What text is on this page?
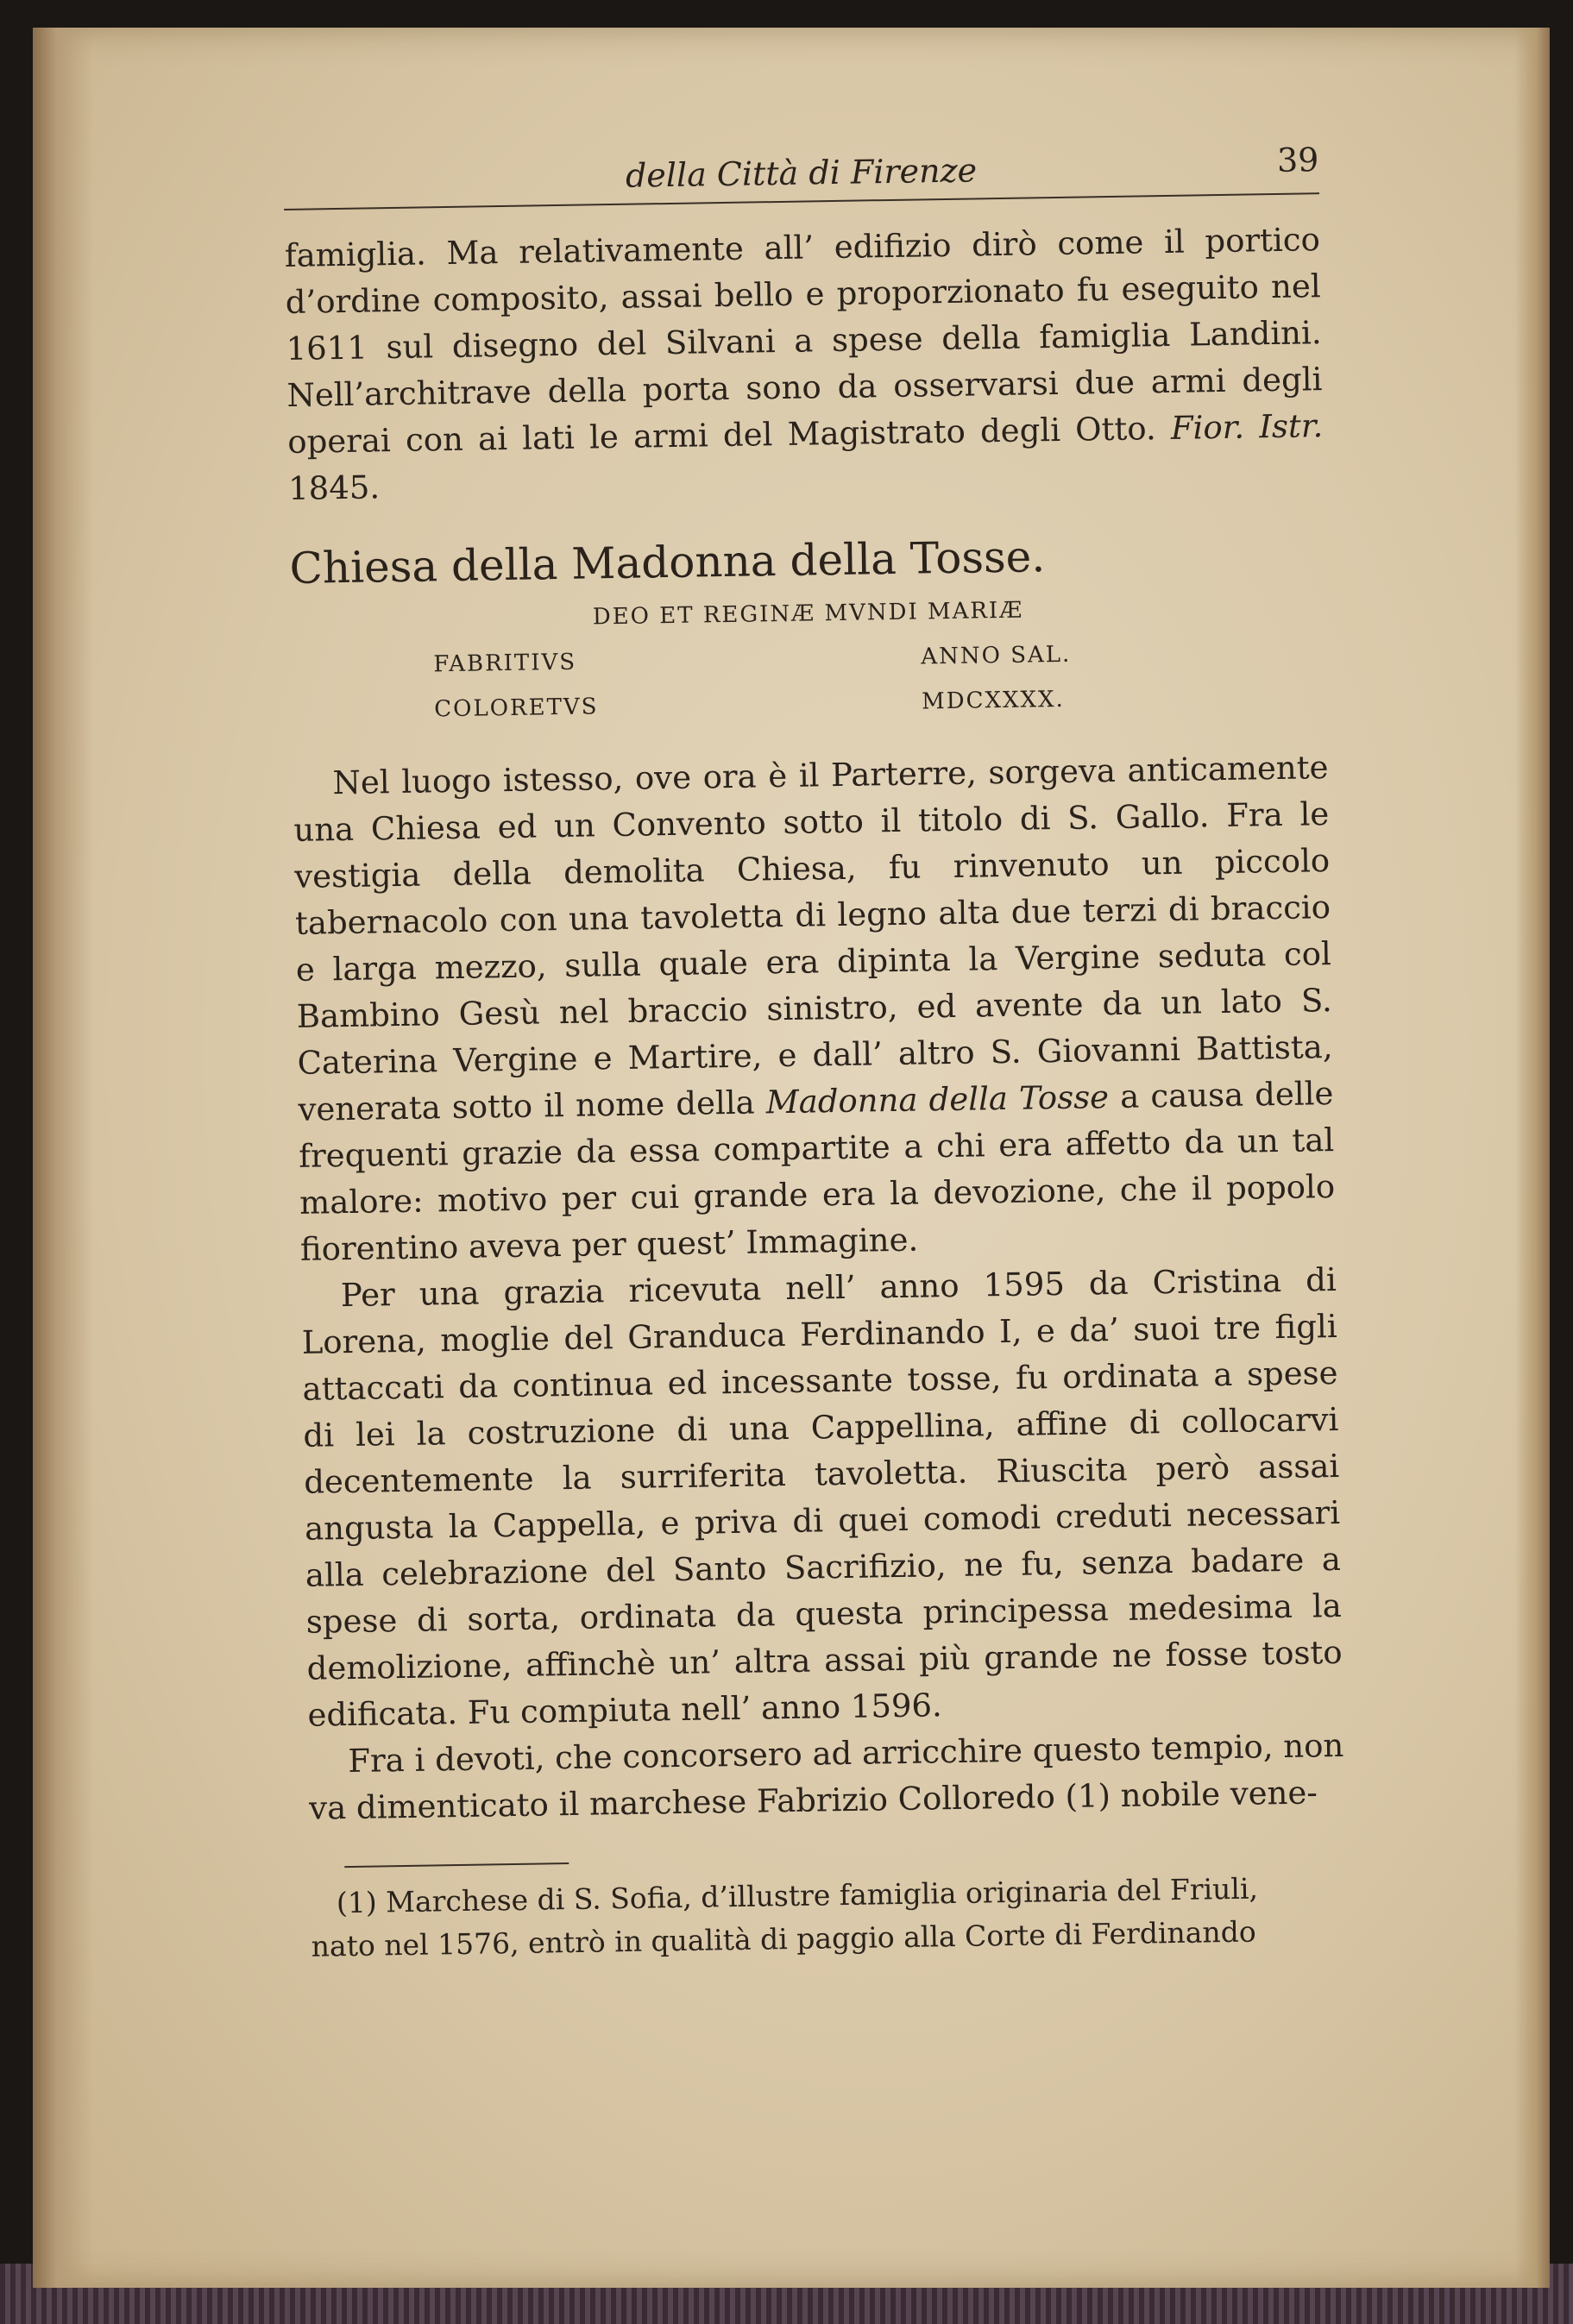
della Città di Firenze	39

famiglia. Ma relativamente all’ edifizio dirò come il portico d’ordine composito, assai bello e proporzionato fu eseguito nel 1611 sul disegno del Silvani a spese della famiglia Landini. Nell’architrave della porta sono da osservarsi due armi degli operai con ai lati le armi del Magistrato degli Otto. Fior. Istr. 1845.

Chiesa della Madonna della Tosse.
DEO ET REGINÆ MVNDI MARIÆ
FABRITIVS	ANNO SAL.
COLORETVS	MDCXXXX.

Nel luogo istesso, ove ora è il Parterre, sorgeva anticamente una Chiesa ed un Convento sotto il titolo di S. Gallo. Fra le vestigia della demolita Chiesa, fu rinvenuto un piccolo tabernacolo con una tavoletta di legno alta due terzi di braccio e larga mezzo, sulla quale era dipinta la Vergine seduta col Bambino Gesù nel braccio sinistro, ed avente da un lato S. Caterina Vergine e Martire, e dall’ altro S. Giovanni Battista, venerata sotto il nome della Madonna della Tosse a causa delle frequenti grazie da essa compartite a chi era affetto da un tal malore: motivo per cui grande era la devozione, che il popolo fiorentino aveva per quest’ Immagine.

Per una grazia ricevuta nell’ anno 1595 da Cristina di Lorena, moglie del Granduca Ferdinando I, e da’ suoi tre figli attaccati da continua ed incessante tosse, fu ordinata a spese di lei la costruzione di una Cappellina, affine di collocarvi decentemente la surriferita tavoletta. Riuscita però assai angusta la Cappella, e priva di quei comodi creduti necessari alla celebrazione del Santo Sacrifizio, ne fu, senza badare a spese di sorta, ordinata da questa principessa medesima la demolizione, affinchè un’ altra assai più grande ne fosse tosto edificata. Fu compiuta nell’ anno 1596.

Fra i devoti, che concorsero ad arricchire questo tempio, non va dimenticato il marchese Fabrizio Colloredo (1) nobile vene-

(1) Marchese di S. Sofia, d’illustre famiglia originaria del Friuli,
nato nel 1576, entrò in qualità di paggio alla Corte di Ferdinando
